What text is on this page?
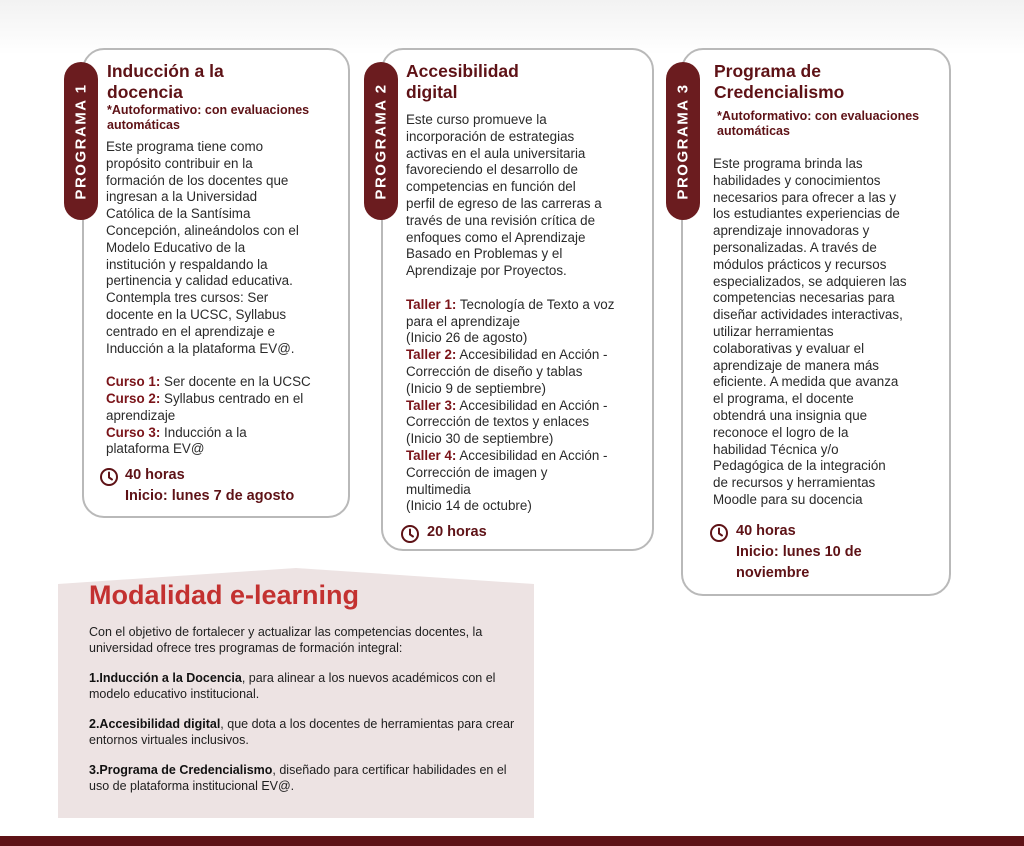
PROGRAMA 1
Inducción a la
docencia
*Autoformativo: con evaluaciones
automáticas
Este programa tiene como
propósito contribuir en la
formación de los docentes que
ingresan a la Universidad
Católica de la Santísima
Concepción, alineándolos con el
Modelo Educativo de la
institución y respaldando la
pertinencia y calidad educativa.
Contempla tres cursos: Ser
docente en la UCSC, Syllabus
centrado en el aprendizaje e
Inducción a la plataforma EV@.
Curso 1: Ser docente en la UCSC
Curso 2: Syllabus centrado en el
aprendizaje
Curso 3: Inducción a la
plataforma EV@
40 horas
Inicio: lunes 7 de agosto
PROGRAMA 2
Accesibilidad
digital
Este curso promueve la
incorporación de estrategias
activas en el aula universitaria
favoreciendo el desarrollo de
competencias en función del
perfil de egreso de las carreras a
través de una revisión crítica de
enfoques como el Aprendizaje
Basado en Problemas y el
Aprendizaje por Proyectos.
Taller 1: Tecnología de Texto a voz
para el aprendizaje
(Inicio 26 de agosto)
Taller 2: Accesibilidad en Acción -
Corrección de diseño y tablas
(Inicio 9 de septiembre)
Taller 3: Accesibilidad en Acción -
Corrección de textos y enlaces
(Inicio 30 de septiembre)
Taller 4: Accesibilidad en Acción -
Corrección de imagen y
multimedia
(Inicio 14 de octubre)
20 horas
PROGRAMA 3
Programa de
Credencialismo
*Autoformativo: con evaluaciones
automáticas
Este programa brinda las
habilidades y conocimientos
necesarios para ofrecer a las y
los estudiantes experiencias de
aprendizaje innovadoras y
personalizadas. A través de
módulos prácticos y recursos
especializados, se adquieren las
competencias necesarias para
diseñar actividades interactivas,
utilizar herramientas
colaborativas y evaluar el
aprendizaje de manera más
eficiente. A medida que avanza
el programa, el docente
obtendrá una insignia que
reconoce el logro de la
habilidad Técnica y/o
Pedagógica de la integración
de recursos y herramientas
Moodle para su docencia
40 horas
Inicio: lunes 10 de
noviembre
Modalidad e-learning

Con el objetivo de fortalecer y actualizar las competencias docentes, la universidad ofrece tres programas de formación integral:

1.Inducción a la Docencia, para alinear a los nuevos académicos con el modelo educativo institucional.

2.Accesibilidad digital, que dota a los docentes de herramientas para crear entornos virtuales inclusivos.

3.Programa de Credencialismo, diseñado para certificar habilidades en el uso de plataforma institucional EV@.
